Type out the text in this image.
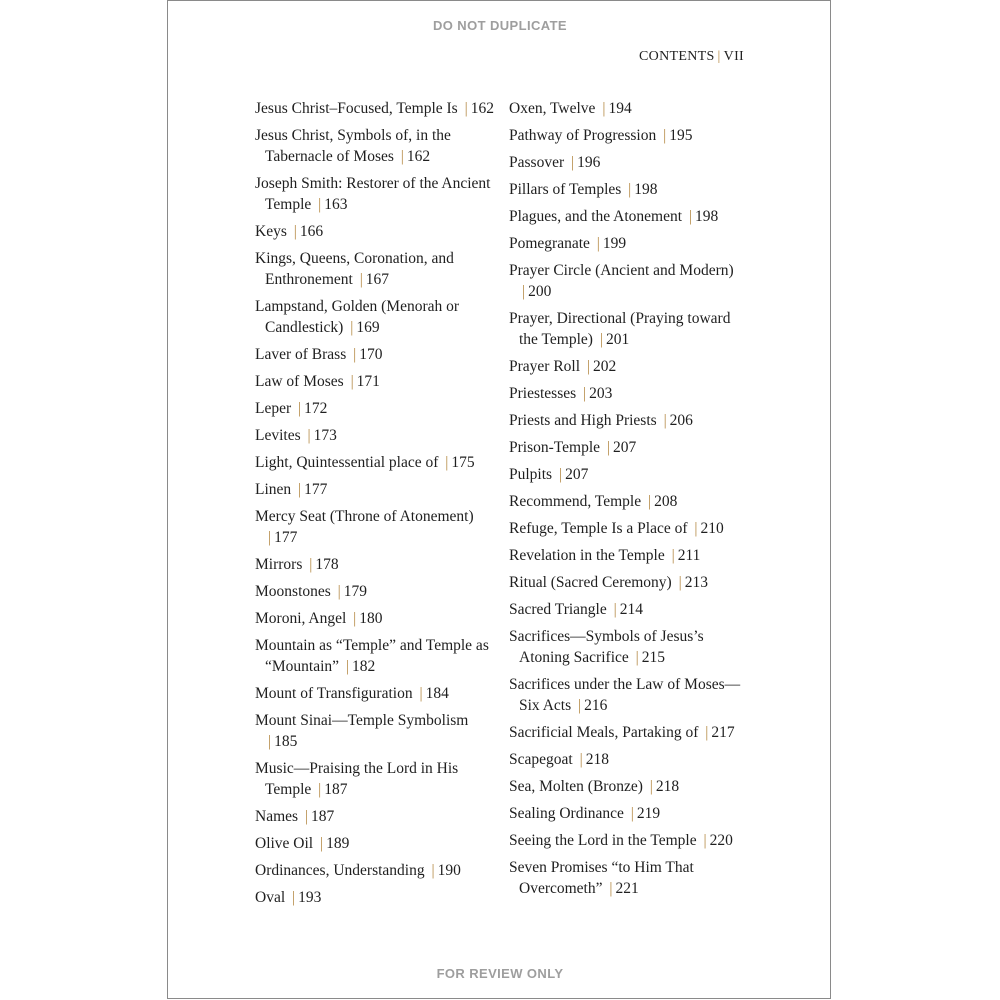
DO NOT DUPLICATE
CONTENTS | VII
Jesus Christ–Focused, Temple Is | 162
Jesus Christ, Symbols of, in the Tabernacle of Moses | 162
Joseph Smith: Restorer of the Ancient Temple | 163
Keys | 166
Kings, Queens, Coronation, and Enthronement | 167
Lampstand, Golden (Menorah or Candlestick) | 169
Laver of Brass | 170
Law of Moses | 171
Leper | 172
Levites | 173
Light, Quintessential place of | 175
Linen | 177
Mercy Seat (Throne of Atonement) | 177
Mirrors | 178
Moonstones | 179
Moroni, Angel | 180
Mountain as “Temple” and Temple as “Mountain” | 182
Mount of Transfiguration | 184
Mount Sinai—Temple Symbolism | 185
Music—Praising the Lord in His Temple | 187
Names | 187
Olive Oil | 189
Ordinances, Understanding | 190
Oval | 193
Oxen, Twelve | 194
Pathway of Progression | 195
Passover | 196
Pillars of Temples | 198
Plagues, and the Atonement | 198
Pomegranate | 199
Prayer Circle (Ancient and Modern) | 200
Prayer, Directional (Praying toward the Temple) | 201
Prayer Roll | 202
Priestesses | 203
Priests and High Priests | 206
Prison-Temple | 207
Pulpits | 207
Recommend, Temple | 208
Refuge, Temple Is a Place of | 210
Revelation in the Temple | 211
Ritual (Sacred Ceremony) | 213
Sacred Triangle | 214
Sacrifices—Symbols of Jesus’s Atoning Sacrifice | 215
Sacrifices under the Law of Moses—Six Acts | 216
Sacrificial Meals, Partaking of | 217
Scapegoat | 218
Sea, Molten (Bronze) | 218
Sealing Ordinance | 219
Seeing the Lord in the Temple | 220
Seven Promises “to Him That Overcometh” | 221
FOR REVIEW ONLY
